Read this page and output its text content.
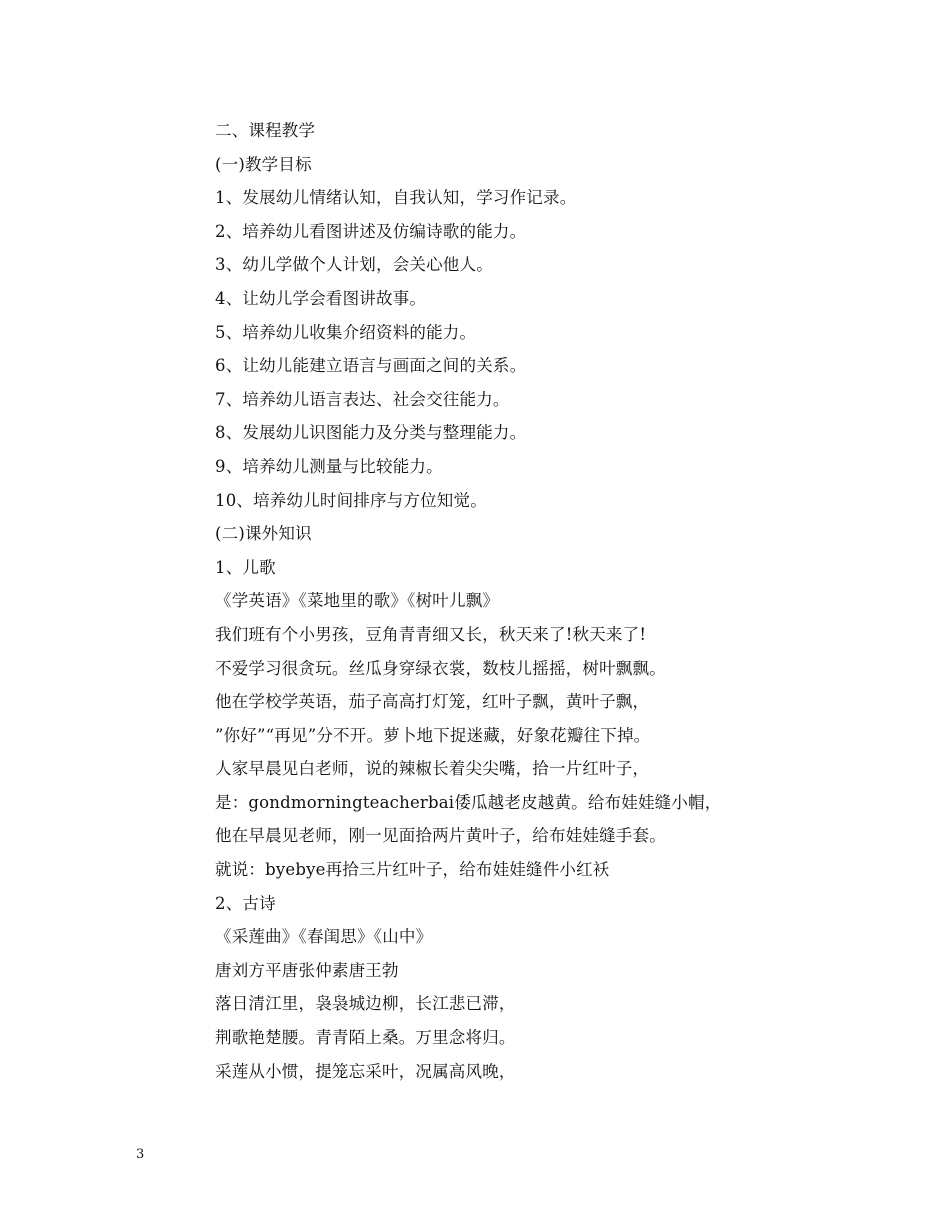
二、课程教学
(一)教学目标
1、发展幼儿情绪认知，自我认知，学习作记录。
2、培养幼儿看图讲述及仿编诗歌的能力。
3、幼儿学做个人计划，会关心他人。
4、让幼儿学会看图讲故事。
5、培养幼儿收集介绍资料的能力。
6、让幼儿能建立语言与画面之间的关系。
7、培养幼儿语言表达、社会交往能力。
8、发展幼儿识图能力及分类与整理能力。
9、培养幼儿测量与比较能力。
10、培养幼儿时间排序与方位知觉。
(二)课外知识
1、儿歌
《学英语》《菜地里的歌》《树叶儿飘》
我们班有个小男孩，豆角青青细又长，秋天来了!秋天来了!
不爱学习很贪玩。丝瓜身穿绿衣裳，数枝儿摇摇，树叶飘飘。
他在学校学英语，茄子高高打灯笼，红叶子飘，黄叶子飘，
”你好”“再见”分不开。萝卜地下捉迷藏，好象花瓣往下掉。
人家早晨见白老师，说的辣椒长着尖尖嘴，拾一片红叶子，
是：gondmorningteacherbai倭瓜越老皮越黄。给布娃娃缝小帽，
他在早晨见老师，刚一见面拾两片黄叶子，给布娃娃缝手套。
就说：byebye再拾三片红叶子，给布娃娃缝件小红袄
2、古诗
《采莲曲》《春闺思》《山中》
唐刘方平唐张仲素唐王勃
落日清江里，袅袅城边柳，长江悲已滞，
荆歌艳楚腰。青青陌上桑。万里念将归。
采莲从小惯，提笼忘采叶，况属高风晚，
3
